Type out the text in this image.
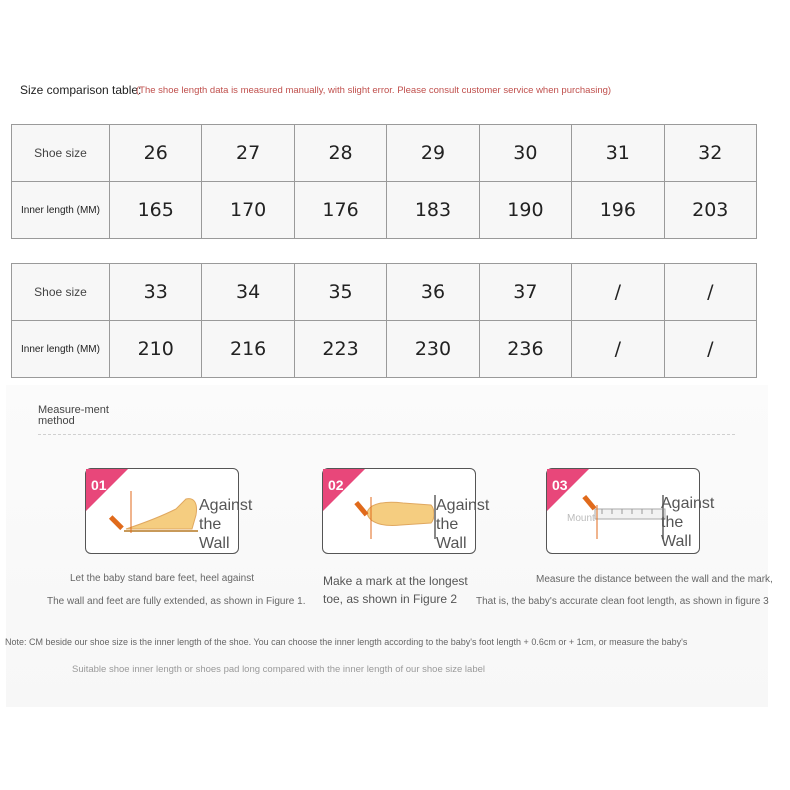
Size comparison table:
(The shoe length data is measured manually, with slight error. Please consult customer service when purchasing)
Shoe size	26	27	28	29	30	31	32
Inner length (MM)	165	170	176	183	190	196	203
Shoe size	33	34	35	36	37	/	/
Inner length (MM)	210	216	223	230	236	/	/
Measure-ment method
01
Against
the Wall
02
Against
the Wall
03
Mount
Against
the Wall
Let the baby stand bare feet, heel against
The wall and feet are fully extended, as shown in Figure 1.
Make a mark at the longest
toe, as shown in Figure 2
Measure the distance between the wall and the mark,
That is, the baby's accurate clean foot length, as shown in figure 3
Note: CM beside our shoe size is the inner length of the shoe. You can choose the inner length according to the baby's foot length + 0.6cm or + 1cm, or measure the baby's
Suitable shoe inner length or shoes pad long compared with the inner length of our shoe size label
